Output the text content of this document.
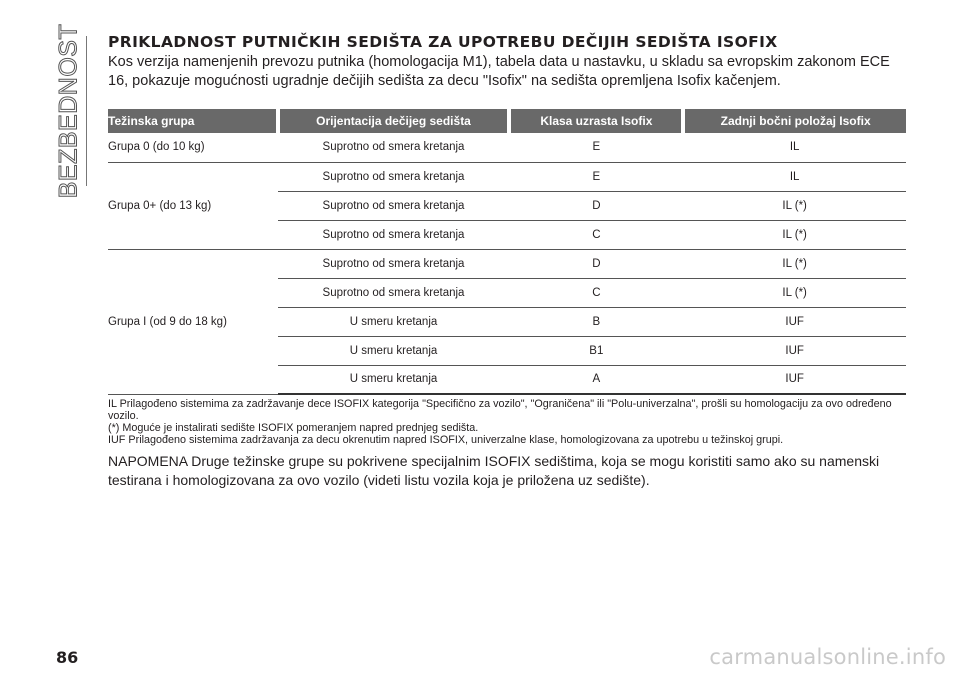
BEZBEDNOST PRIKLADNOST PUTNIČKIH SEDIŠTA ZA UPOTREBU DEČIJIH SEDIŠTA ISOFIX

Kos verzija namenjenih prevozu putnika (homologacija M1), tabela data u nastavku, u skladu sa evropskim zakonom ECE 16, pokazuje mogućnosti ugradnje dečijih sedišta za decu "Isofix" na sedišta opremljena Isofix kačenjem.

Težinska grupa	Orijentacija dečijeg sedišta	Klasa uzrasta Isofix	Zadnji bočni položaj Isofix
Grupa 0 (do 10 kg)	Suprotno od smera kretanja	E	IL
Grupa 0+ (do 13 kg)	Suprotno od smera kretanja	E	IL
	Suprotno od smera kretanja	D	IL (*)
	Suprotno od smera kretanja	C	IL (*)
Grupa I (od 9 do 18 kg)	Suprotno od smera kretanja	D	IL (*)
	Suprotno od smera kretanja	C	IL (*)
	U smeru kretanja	B	IUF
	U smeru kretanja	B1	IUF
	U smeru kretanja	A	IUF

IL Prilagođeno sistemima za zadržavanje dece ISOFIX kategorija "Specifično za vozilo", "Ograničena" ili "Polu-univerzalna", prošli su homologaciju za ovo određeno vozilo.

(*) Moguće je instalirati sedište ISOFIX pomeranjem napred prednjeg sedišta.

IUF Prilagođeno sistemima zadržavanja za decu okrenutim napred ISOFIX, univerzalne klase, homologizovana za upotrebu u težinskoj grupi.

NAPOMENA Druge težinske grupe su pokrivene specijalnim ISOFIX sedištima, koja se mogu koristiti samo ako su namenski testirana i homologizovana za ovo vozilo (videti listu vozila koja je priložena uz sedište).

86	carmanualsonline.info
